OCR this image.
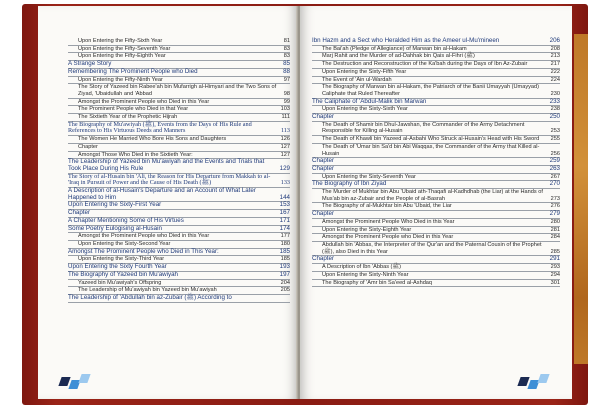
Upon Entering the Fifty-Sixth Year	81
Upon Entering the Fifty-Seventh Year	83
Upon Entering the Fifty-Eighth Year	83
A Strange Story	85
Remembering The Prominent People who Died	88
Upon Entering the Fifty-Ninth Year	97
The Story of Yazeed bin Rabee'ah bin Mufarrigh al-Himyari and the Two Sons of Ziyad, 'Ubaidullah and 'Abbad	98
Amongst the Prominent People who Died in this Year	99
The Prominent People who Died in that Year	103
The Sixtieth Year of the Prophetic Hijrah	111
The Biography of Mu'awiyah (ﷺ), Events from the Days of His Rule and References to His Virtuous Deeds and Manners	113
The Women He Married Who Bore His Sons and Daughters	126
Chapter	127
Amongst Those Who Died in the Sixtieth Year:	127
The Leadership of Yazeed bin Mu'awiyah and the Events and Trials that Took Place During His Rule	129
The Story of al-Husain bin 'Ali, the Reason for His Departure from Makkah to al-'Iraq in Pursuit of Power and the Cause of His Death (ﷺ)	133
A Description of al-Husain's Departure and an Account of What Later Happened to Him	144
Upon Entering the Sixty-First Year	153
Chapter	167
A Chapter Mentioning Some of His Virtues	171
Some Poetry Eulogising al-Husain	174
Amongst the Prominent People who Died in this Year	177
Upon Entering the Sixty-Second Year	180
Amongst The Prominent People who Died in This Year:	185
Upon Entering the Sixty-Third Year	185
Upon Entering the Sixty Fourth Year	193
The Biography of Yazeed bin Mu'awiyah	197
Yazeed bin Mu'awiyah's Offspring	204
The Leadership of Mu'awiyah bin Yazeed bin Mu'awiyah	205
The Leadership of 'Abdullah bin az-Zubair (ﷺ) According to
Ibn Hazm and a Sect who Heralded Him as the Ameer ul-Mu'mineen	206
The Bai'ah (Pledge of Allegiance) of Marwan bin al-Hakam	208
Marj Rahit and the Murder of ad-Dahhak bin Qais al-Fihri (ﷺ)	213
The Destruction and Reconstruction of the Ka'bah during the Days of Ibn Az-Zubair	217
Upon Entering the Sixty-Fifth Year	222
The Event of 'Ain ul-Wardah	224
The Biography of Marwan bin al-Hakam, the Patriarch of the Banii Umayyah (Umayyad) Caliphate that Ruled Thereafter	230
The Caliphate of 'Abdul-Malik bin Marwan	233
Upon Entering the Sixty-Sixth Year	238
Chapter	250
The Death of Shamir bin Dhul-Jawshan, the Commander of the Army Detachment Responsible for Killing al-Husain	253
The Death of Khawli bin Yazeed al-Asbahi Who Struck al-Husain's Head with His Sword	255
The Death of 'Umar bin Sa'd bin Abi Waqqas, the Commander of the Army that Killed al-Husain	256
Chapter	259
Chapter	263
Upon Entering the Sixty-Seventh Year	267
The Biography of Ibn Ziyad	270
The Murder of Mukhtar bin Abu 'Ubaid ath-Thaqafi al-Kadhdhab (the Liar) at the Hands of Mus'ab bin az-Zubair and the People of al-Basrah	273
The Biography of al-Mukhtar bin Abu 'Ubaid, the Liar	276
Chapter	279
Amongst the Prominent People Who Died in this Year	280
Upon Entering the Sixty-Eighth Year	281
Amongst the Prominent People who Died in this Year	284
Abdullah bin 'Abbas, the Interpreter of the Qur'an and the Paternal Cousin of the Prophet (ﷺ), also Died in this Year	285
Chapter	291
A Description of Ibn 'Abbas (ﷺ)	293
Upon Entering the Sixty-Ninth Year	294
The Biography of 'Amr bin Sa'eed al-Ashdaq	301
